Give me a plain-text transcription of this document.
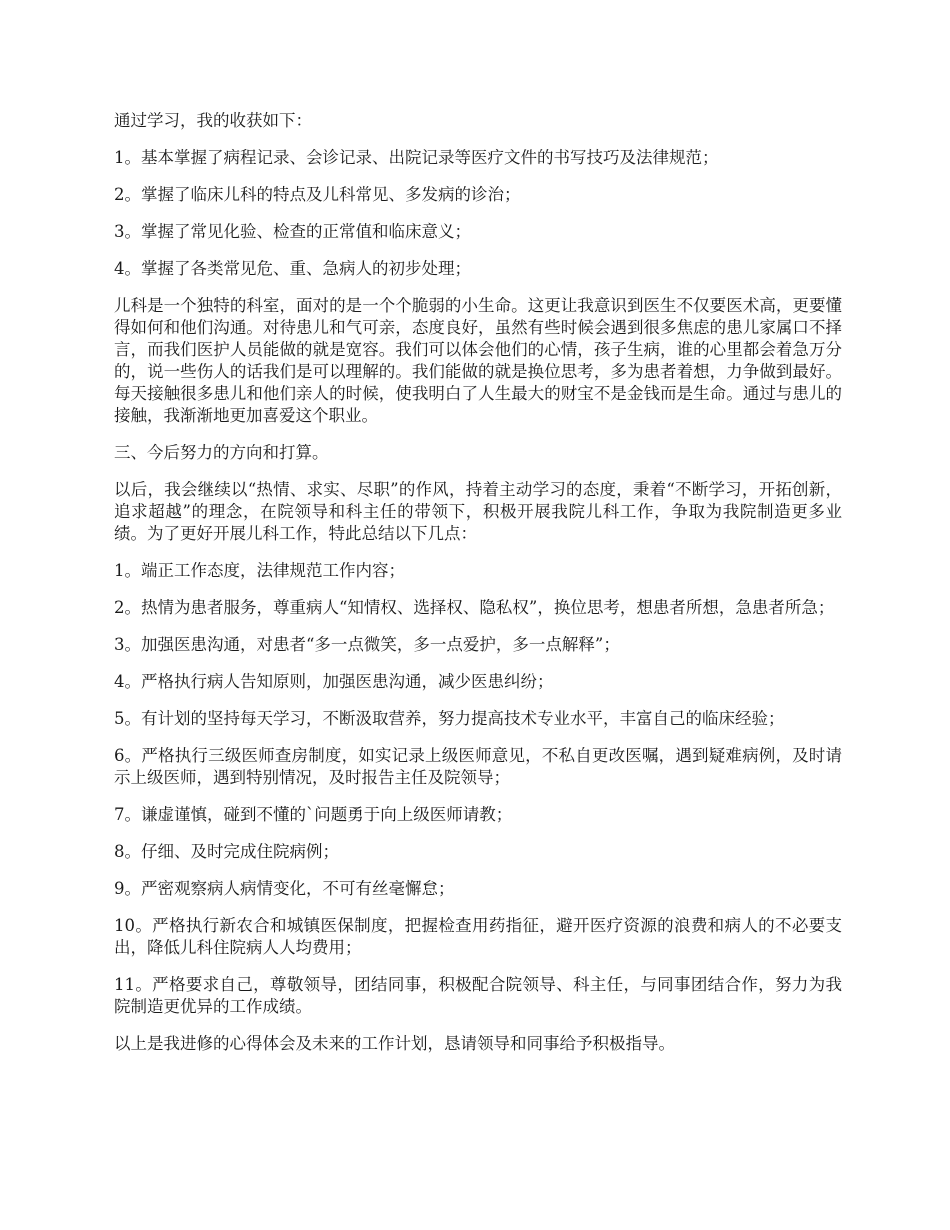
通过学习，我的收获如下：

1。基本掌握了病程记录、会诊记录、出院记录等医疗文件的书写技巧及法律规范；

2。掌握了临床儿科的特点及儿科常见、多发病的诊治；

3。掌握了常见化验、检查的正常值和临床意义；

4。掌握了各类常见危、重、急病人的初步处理；

儿科是一个独特的科室，面对的是一个个脆弱的小生命。这更让我意识到医生不仅要医术高，更要懂得如何和他们沟通。对待患儿和气可亲，态度良好，虽然有些时候会遇到很多焦虑的患儿家属口不择言，而我们医护人员能做的就是宽容。我们可以体会他们的心情，孩子生病，谁的心里都会着急万分的，说一些伤人的话我们是可以理解的。我们能做的就是换位思考，多为患者着想，力争做到最好。每天接触很多患儿和他们亲人的时候，使我明白了人生最大的财宝不是金钱而是生命。通过与患儿的接触，我渐渐地更加喜爱这个职业。

三、今后努力的方向和打算。

以后，我会继续以“热情、求实、尽职”的作风，持着主动学习的态度，秉着“不断学习，开拓创新，追求超越”的理念，在院领导和科主任的带领下，积极开展我院儿科工作，争取为我院制造更多业绩。为了更好开展儿科工作，特此总结以下几点：

1。端正工作态度，法律规范工作内容；

2。热情为患者服务，尊重病人“知情权、选择权、隐私权”，换位思考，想患者所想，急患者所急；

3。加强医患沟通，对患者“多一点微笑，多一点爱护，多一点解释”；

4。严格执行病人告知原则，加强医患沟通，减少医患纠纷；

5。有计划的坚持每天学习，不断汲取营养，努力提高技术专业水平，丰富自己的临床经验；

6。严格执行三级医师查房制度，如实记录上级医师意见，不私自更改医嘱，遇到疑难病例，及时请示上级医师，遇到特别情况，及时报告主任及院领导；

7。谦虚谨慎，碰到不懂的`问题勇于向上级医师请教；

8。仔细、及时完成住院病例；

9。严密观察病人病情变化，不可有丝毫懈怠；

10。严格执行新农合和城镇医保制度，把握检查用药指征，避开医疗资源的浪费和病人的不必要支出，降低儿科住院病人人均费用；

11。严格要求自己，尊敬领导，团结同事，积极配合院领导、科主任，与同事团结合作，努力为我院制造更优异的工作成绩。

以上是我进修的心得体会及未来的工作计划，恳请领导和同事给予积极指导。
